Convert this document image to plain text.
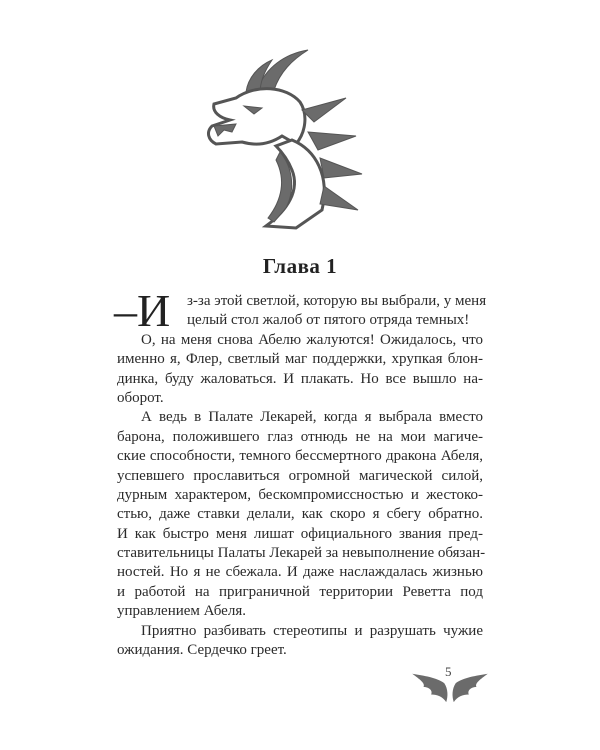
Глава 1
–И	з-за этой светлой, которую вы выбрали, у меня
целый стол жалоб от пятого отряда темных!
О, на меня снова Абелю жалуются! Ожидалось, что
именно я, Флер, светлый маг поддержки, хрупкая блон-
динка, буду жаловаться. И плакать. Но все вышло на-
оборот.
А ведь в Палате Лекарей, когда я выбрала вместо
барона, положившего глаз отнюдь не на мои магиче-
ские способности, темного бессмертного дракона Абеля,
успевшего прославиться огромной магической силой,
дурным характером, бескомпромиссностью и жестоко-
стью, даже ставки делали, как скоро я сбегу обратно.
И как быстро меня лишат официального звания пред-
ставительницы Палаты Лекарей за невыполнение обязан-
ностей. Но я не сбежала. И даже наслаждалась жизнью
и работой на приграничной территории Реветта под
управлением Абеля.
Приятно разбивать стереотипы и разрушать чужие
ожидания. Сердечко греет.
5
